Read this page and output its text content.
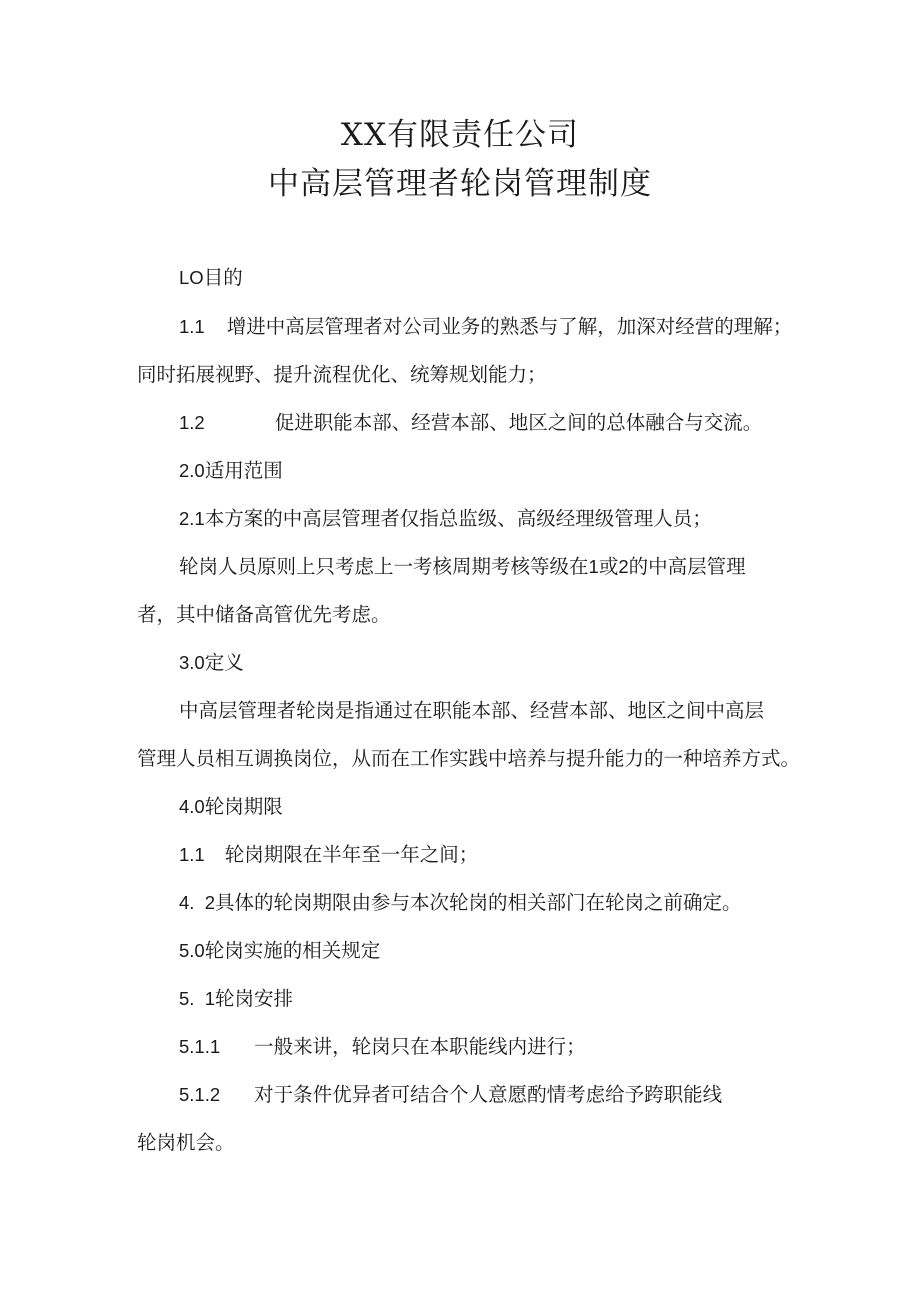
XX有限责任公司
中高层管理者轮岗管理制度

LO目的

1.1 增进中高层管理者对公司业务的熟悉与了解，加深对经营的理解；

同时拓展视野、提升流程优化、统筹规划能力；

1.2	促进职能本部、经营本部、地区之间的总体融合与交流。

2.0适用范围

2.1本方案的中高层管理者仅指总监级、高级经理级管理人员；

轮岗人员原则上只考虑上一考核周期考核等级在1或2的中高层管理

者，其中储备高管优先考虑。

3.0定义

中高层管理者轮岗是指通过在职能本部、经营本部、地区之间中高层

管理人员相互调换岗位，从而在工作实践中培养与提升能力的一种培养方式。

4.0轮岗期限

1.1 轮岗期限在半年至一年之间；

4.  2具体的轮岗期限由参与本次轮岗的相关部门在轮岗之前确定。

5.0轮岗实施的相关规定

5.  1轮岗安排

5.1.1 一般来讲，轮岗只在本职能线内进行；

5.1.2 对于条件优异者可结合个人意愿酌情考虑给予跨职能线

轮岗机会。
